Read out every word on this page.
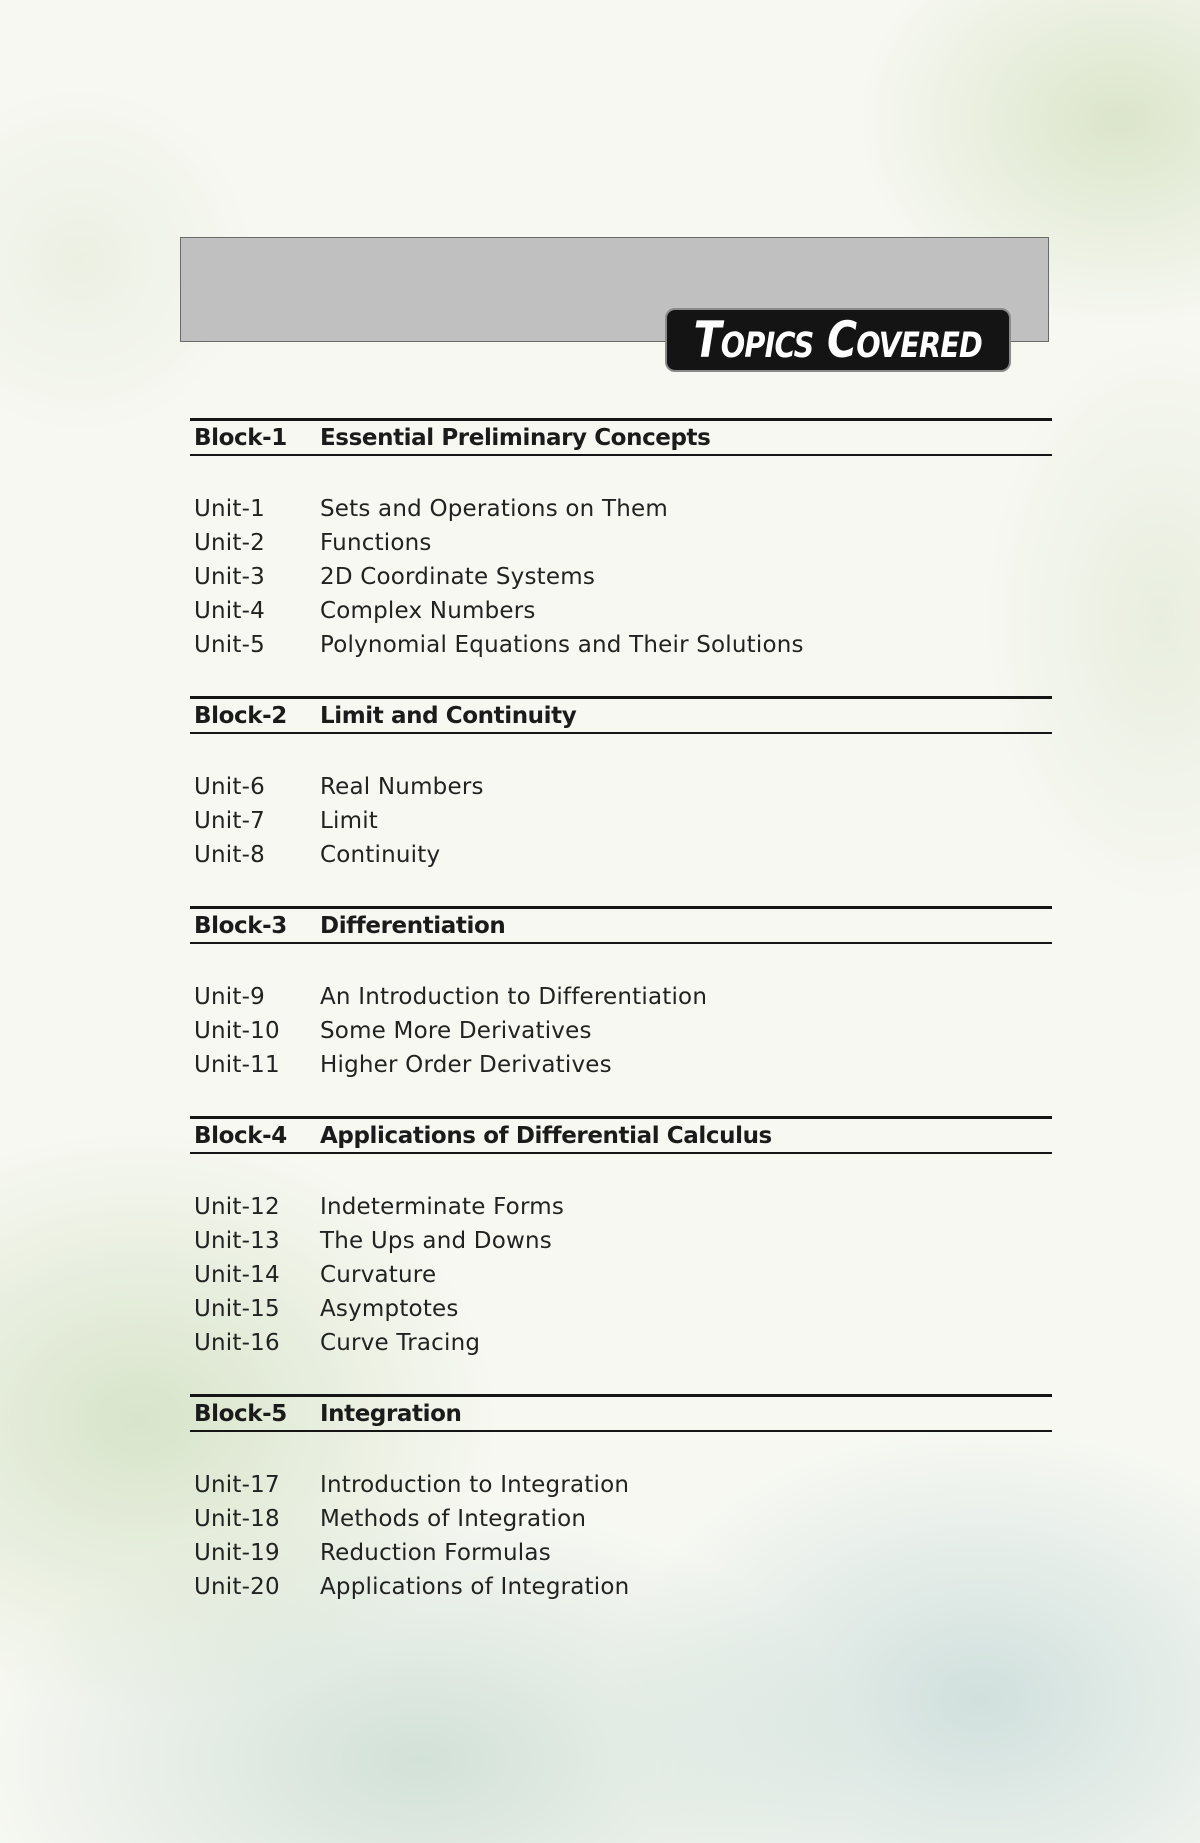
Topics Covered
Block-1	Essential Preliminary Concepts
Unit-1	Sets and Operations on Them
Unit-2	Functions
Unit-3	2D Coordinate Systems
Unit-4	Complex Numbers
Unit-5	Polynomial Equations and Their Solutions
Block-2	Limit and Continuity
Unit-6	Real Numbers
Unit-7	Limit
Unit-8	Continuity
Block-3	Differentiation
Unit-9	An Introduction to Differentiation
Unit-10	Some More Derivatives
Unit-11	Higher Order Derivatives
Block-4	Applications of Differential Calculus
Unit-12	Indeterminate Forms
Unit-13	The Ups and Downs
Unit-14	Curvature
Unit-15	Asymptotes
Unit-16	Curve Tracing
Block-5	Integration
Unit-17	Introduction to Integration
Unit-18	Methods of Integration
Unit-19	Reduction Formulas
Unit-20	Applications of Integration
